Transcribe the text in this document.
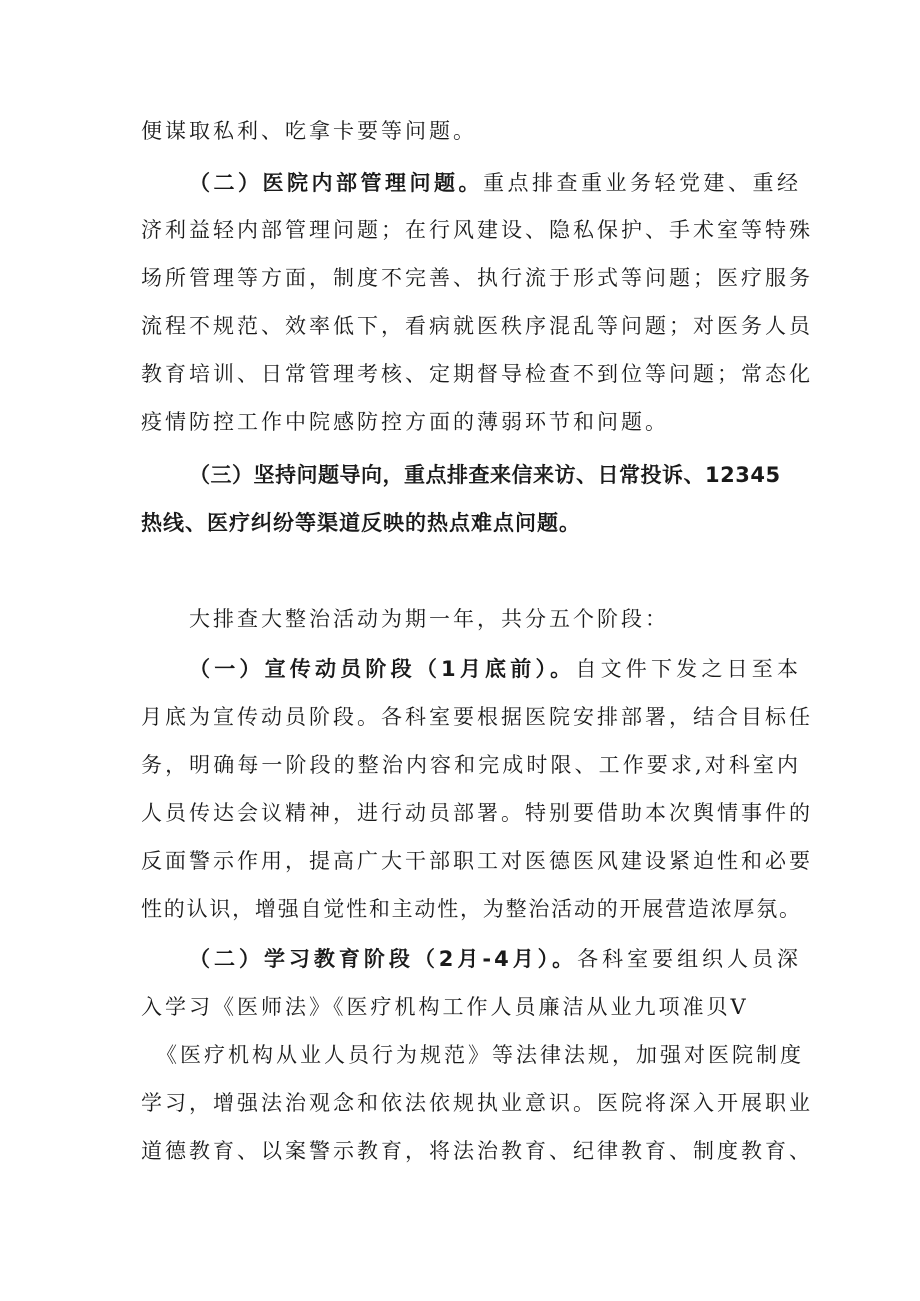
便谋取私利、吃拿卡要等问题。
（二）医院内部管理问题。重点排查重业务轻党建、重经
济利益轻内部管理问题；在行风建设、隐私保护、手术室等特殊
场所管理等方面，制度不完善、执行流于形式等问题；医疗服务
流程不规范、效率低下，看病就医秩序混乱等问题；对医务人员
教育培训、日常管理考核、定期督导检查不到位等问题；常态化
疫情防控工作中院感防控方面的薄弱环节和问题。
（三）坚持问题导向，重点排查来信来访、日常投诉、12345
热线、医疗纠纷等渠道反映的热点难点问题。
大排查大整治活动为期一年，共分五个阶段：
（一）宣传动员阶段（1月底前）。自文件下发之日至本
月底为宣传动员阶段。各科室要根据医院安排部署，结合目标任
务，明确每一阶段的整治内容和完成时限、工作要求,对科室内
人员传达会议精神，进行动员部署。特别要借助本次舆情事件的
反面警示作用，提高广大干部职工对医德医风建设紧迫性和必要
性的认识，增强自觉性和主动性，为整治活动的开展营造浓厚氛。
（二）学习教育阶段（2月-4月）。各科室要组织人员深
入学习《医师法》《医疗机构工作人员廉洁从业九项准贝V
《医疗机构从业人员行为规范》等法律法规，加强对医院制度
学习，增强法治观念和依法依规执业意识。医院将深入开展职业
道德教育、以案警示教育，将法治教育、纪律教育、制度教育、
